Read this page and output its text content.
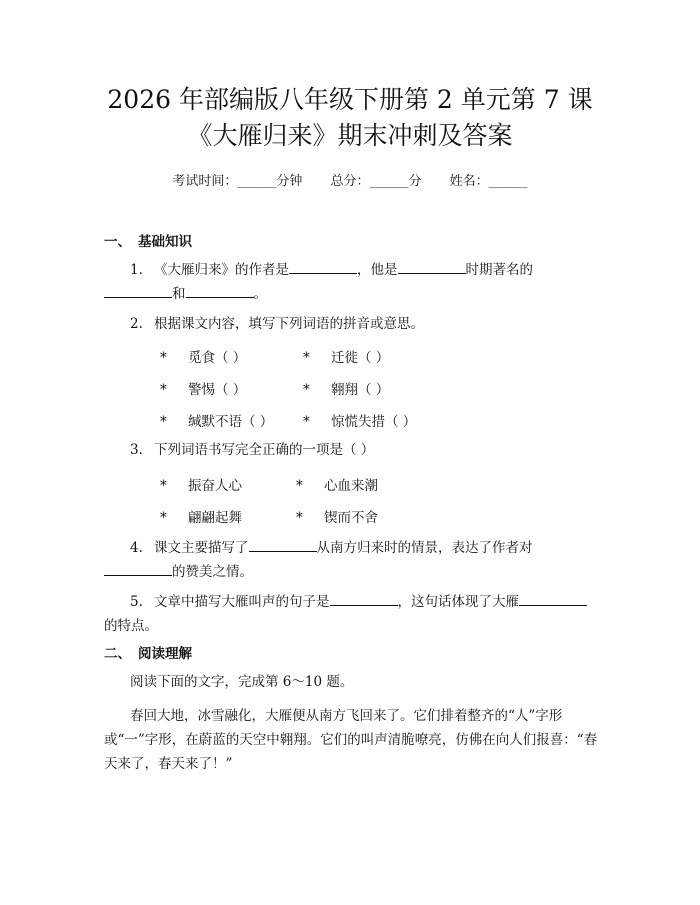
2026 年部编版八年级下册第 2 单元第 7 课
《大雁归来》期末冲刺及答案
考试时间：______分钟 总分：______分 姓名：______
一、 基础知识
1. 《大雁归来》的作者是	，他是	时期著名的
和	。
2. 根据课文内容，填写下列词语的拼音或意思。
* 觅食（ ）	* 迁徙（ ）
* 警惕（ ）	* 翱翔（ ）
* 缄默不语（ ） * 惊慌失措（ ）
3. 下列词语书写完全正确的一项是（ ）
* 振奋人心	* 心血来潮
* 翩翩起舞	* 锲而不舍
4. 课文主要描写了	从南方归来时的情景，表达了作者对
的赞美之情。
5. 文章中描写大雁叫声的句子是	，这句话体现了大雁
的特点。
二、 阅读理解
阅读下面的文字，完成第 6～10 题。
春回大地，冰雪融化，大雁便从南方飞回来了。它们排着整齐的“人”字形或“一”字形，在蔚蓝的天空中翱翔。它们的叫声清脆嘹亮，仿佛在向人们报喜：“春天来了，春天来了！”
